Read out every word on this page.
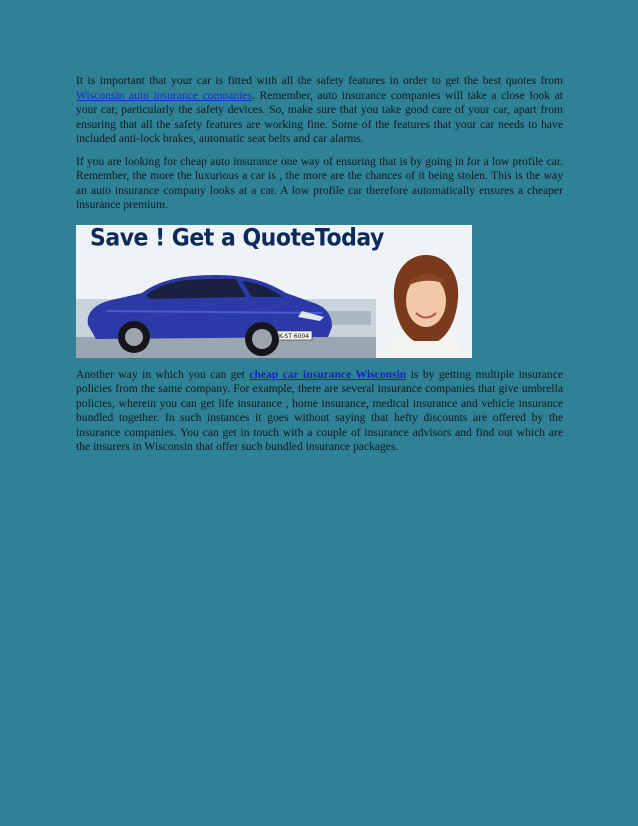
It is important that your car is fitted with all the safety features in order to get the best quotes from Wisconsin auto insurance companies. Remember, auto insurance companies will take a close look at your car, particularly the safety devices. So, make sure that you take good care of your car, apart from ensuring that all the safety features are working fine. Some of the features that your car needs to have included anti-lock brakes, automatic seat belts and car alarms.

If you are looking for cheap auto insurance one way of ensuring that is by going in for a low profile car. Remember, the more the luxurious a car is , the more are the chances of it being stolen. This is the way an auto insurance company looks at a car. A low profile car therefore automatically ensures a cheaper insurance premium.

K-ST 6004
Save ! Get a QuoteToday

Another way in which you can get cheap car insurance Wisconsin is by getting multiple insurance policies from the same company. For example, there are several insurance companies that give umbrella policies, wherein you can get life insurance , home insurance, medical insurance and vehicle insurance bundled together. In such instances it goes without saying that hefty discounts are offered by the insurance companies. You can get in touch with a couple of insurance advisors and find out which are the insurers in Wisconsin that offer such bundled insurance packages.
